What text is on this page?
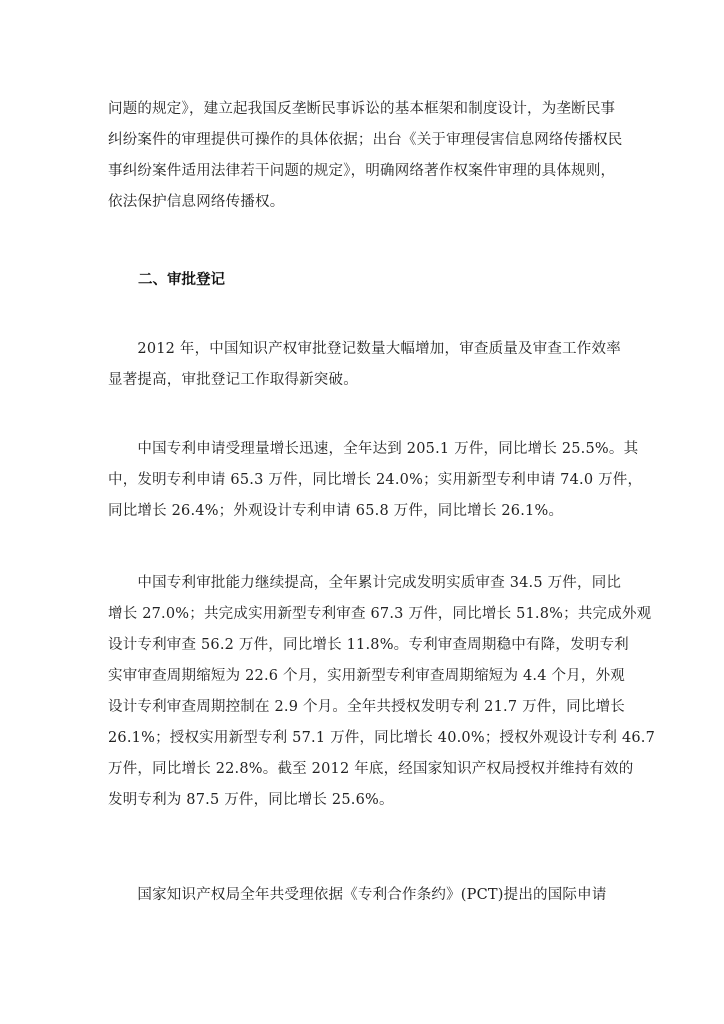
问题的规定》，建立起我国反垄断民事诉讼的基本框架和制度设计，为垄断民事
纠纷案件的审理提供可操作的具体依据；出台《关于审理侵害信息网络传播权民
事纠纷案件适用法律若干问题的规定》，明确网络著作权案件审理的具体规则，
依法保护信息网络传播权。
二、审批登记
　　2012 年，中国知识产权审批登记数量大幅增加，审查质量及审查工作效率
显著提高，审批登记工作取得新突破。
　　中国专利申请受理量增长迅速，全年达到 205.1 万件，同比增长 25.5%。其
中，发明专利申请 65.3 万件，同比增长 24.0%；实用新型专利申请 74.0 万件，
同比增长 26.4%；外观设计专利申请 65.8 万件，同比增长 26.1%。
　　中国专利审批能力继续提高，全年累计完成发明实质审查 34.5 万件，同比
增长 27.0%；共完成实用新型专利审查 67.3 万件，同比增长 51.8%；共完成外观
设计专利审查 56.2 万件，同比增长 11.8%。专利审查周期稳中有降，发明专利
实审审查周期缩短为 22.6 个月，实用新型专利审查周期缩短为 4.4 个月，外观
设计专利审查周期控制在 2.9 个月。全年共授权发明专利 21.7 万件，同比增长
26.1%；授权实用新型专利 57.1 万件，同比增长 40.0%；授权外观设计专利 46.7
万件，同比增长 22.8%。截至 2012 年底，经国家知识产权局授权并维持有效的
发明专利为 87.5 万件，同比增长 25.6%。
　　国家知识产权局全年共受理依据《专利合作条约》(PCT)提出的国际申请
